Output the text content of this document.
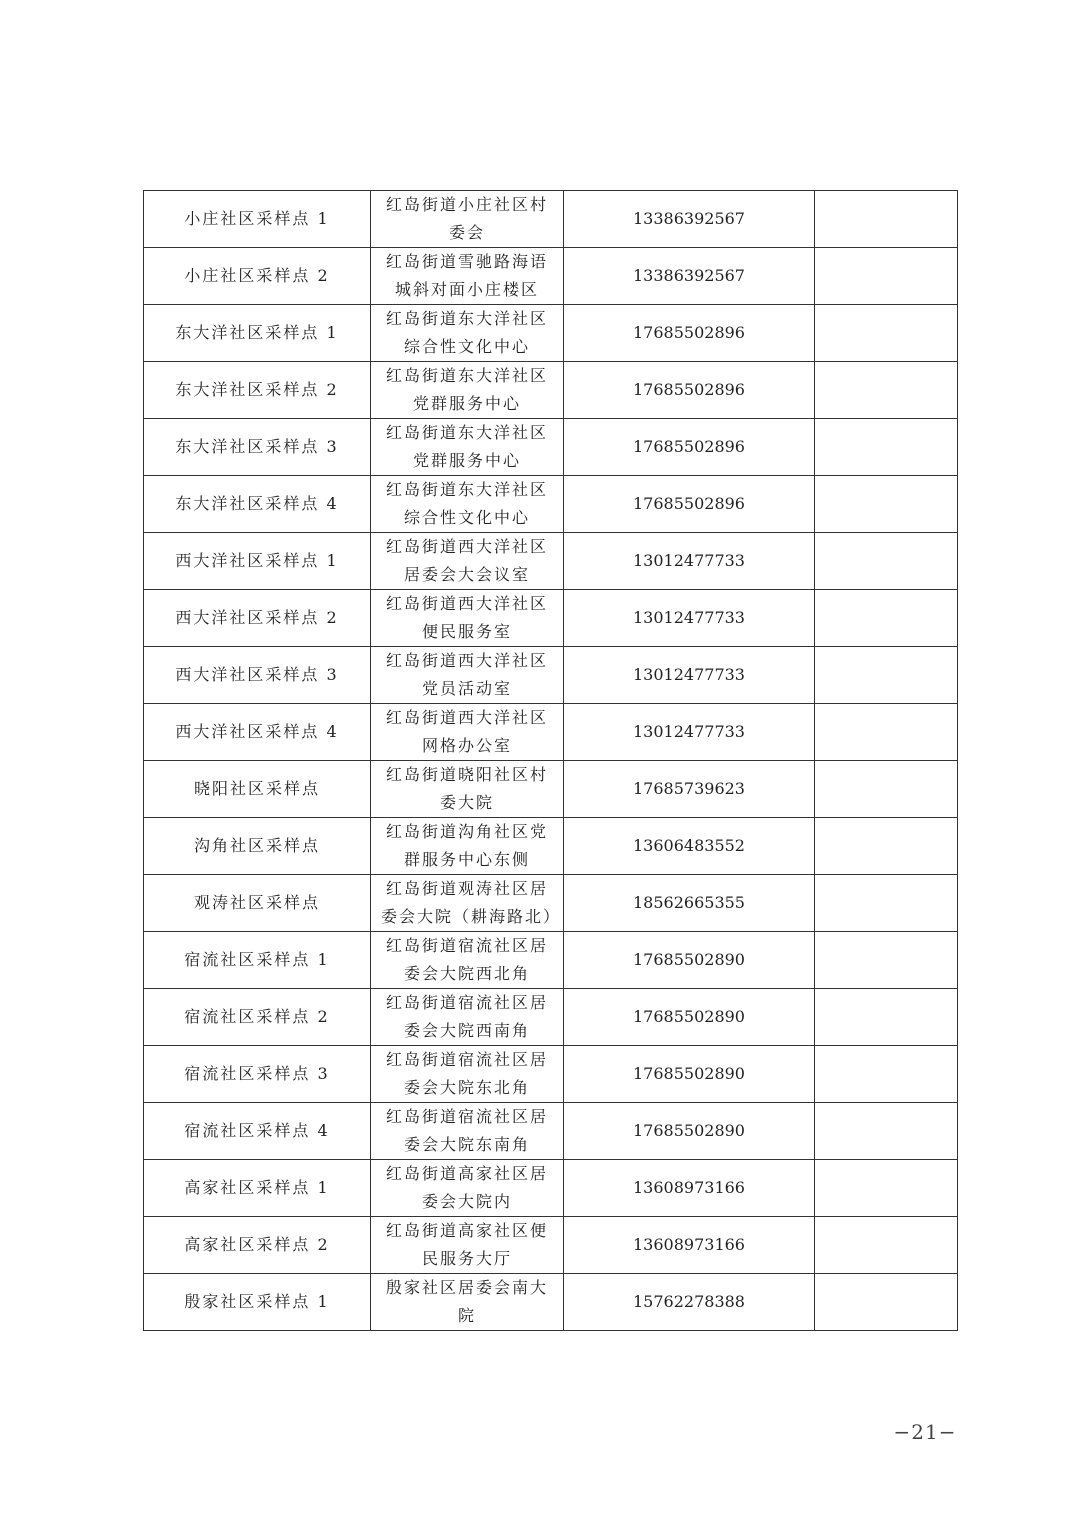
小庄社区采样点 1	红岛街道小庄社区村委会	13386392567	
小庄社区采样点 2	红岛街道雪驰路海语城斜对面小庄楼区	13386392567	
东大洋社区采样点 1	红岛街道东大洋社区综合性文化中心	17685502896	
东大洋社区采样点 2	红岛街道东大洋社区党群服务中心	17685502896	
东大洋社区采样点 3	红岛街道东大洋社区党群服务中心	17685502896	
东大洋社区采样点 4	红岛街道东大洋社区综合性文化中心	17685502896	
西大洋社区采样点 1	红岛街道西大洋社区居委会大会议室	13012477733	
西大洋社区采样点 2	红岛街道西大洋社区便民服务室	13012477733	
西大洋社区采样点 3	红岛街道西大洋社区党员活动室	13012477733	
西大洋社区采样点 4	红岛街道西大洋社区网格办公室	13012477733	
晓阳社区采样点	红岛街道晓阳社区村委大院	17685739623	
沟角社区采样点	红岛街道沟角社区党群服务中心东侧	13606483552	
观涛社区采样点	红岛街道观涛社区居委会大院（耕海路北）	18562665355	
宿流社区采样点 1	红岛街道宿流社区居委会大院西北角	17685502890	
宿流社区采样点 2	红岛街道宿流社区居委会大院西南角	17685502890	
宿流社区采样点 3	红岛街道宿流社区居委会大院东北角	17685502890	
宿流社区采样点 4	红岛街道宿流社区居委会大院东南角	17685502890	
高家社区采样点 1	红岛街道高家社区居委会大院内	13608973166	
高家社区采样点 2	红岛街道高家社区便民服务大厅	13608973166	
殷家社区采样点 1	殷家社区居委会南大院	15762278388	
−21−
